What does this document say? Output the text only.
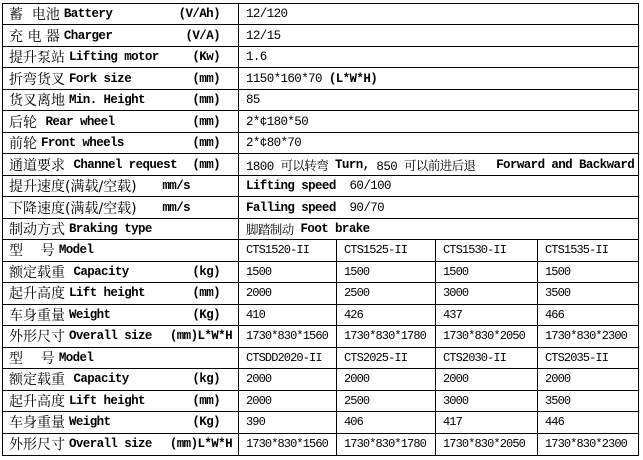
蓄  电池 Battery	(V/Ah)	12/120
充 电 器 Charger	(V/A)	12/15
提升泵站 Lifting motor	(Kw)	1.6
折弯货叉 Fork size	(mm)	1150*160*70 (L*W*H)
货叉离地 Min. Height	(mm)	85
后轮 Rear wheel	(mm)	2*¢180*50
前轮 Front wheels	(mm)	2*¢80*70
通道要求 Channel request (mm)	1800 可以转弯 Turn, 850 可以前进后退 Forward and Backward
提升速度(满载/空载) mm/s	Lifting speed 60/100
下降速度(满载/空载) mm/s	Falling speed 90/70
制动方式 Braking type	脚踏制动 Foot brake
型    号 Model	CTS1520-II	CTS1525-II	CTS1530-II	CTS1535-II
额定载重 Capacity	(kg)	1500	1500	1500	1500
起升高度 Lift height	(mm)	2000	2500	3000	3500
车身重量 Weight	(Kg)	410	426	437	466
外形尺寸 Overall size (mm)L*W*H	1730*830*1560	1730*830*1780	1730*830*2050	1730*830*2300
型    号 Model	CTSDD2020-II	CTS2025-II	CTS2030-II	CTS2035-II
额定载重 Capacity	(kg)	2000	2000	2000	2000
起升高度 Lift height	(mm)	2000	2500	3000	3500
车身重量 Weight	(Kg)	390	406	417	446
外形尺寸 Overall size (mm)L*W*H	1730*830*1560	1730*830*1780	1730*830*2050	1730*830*2300
